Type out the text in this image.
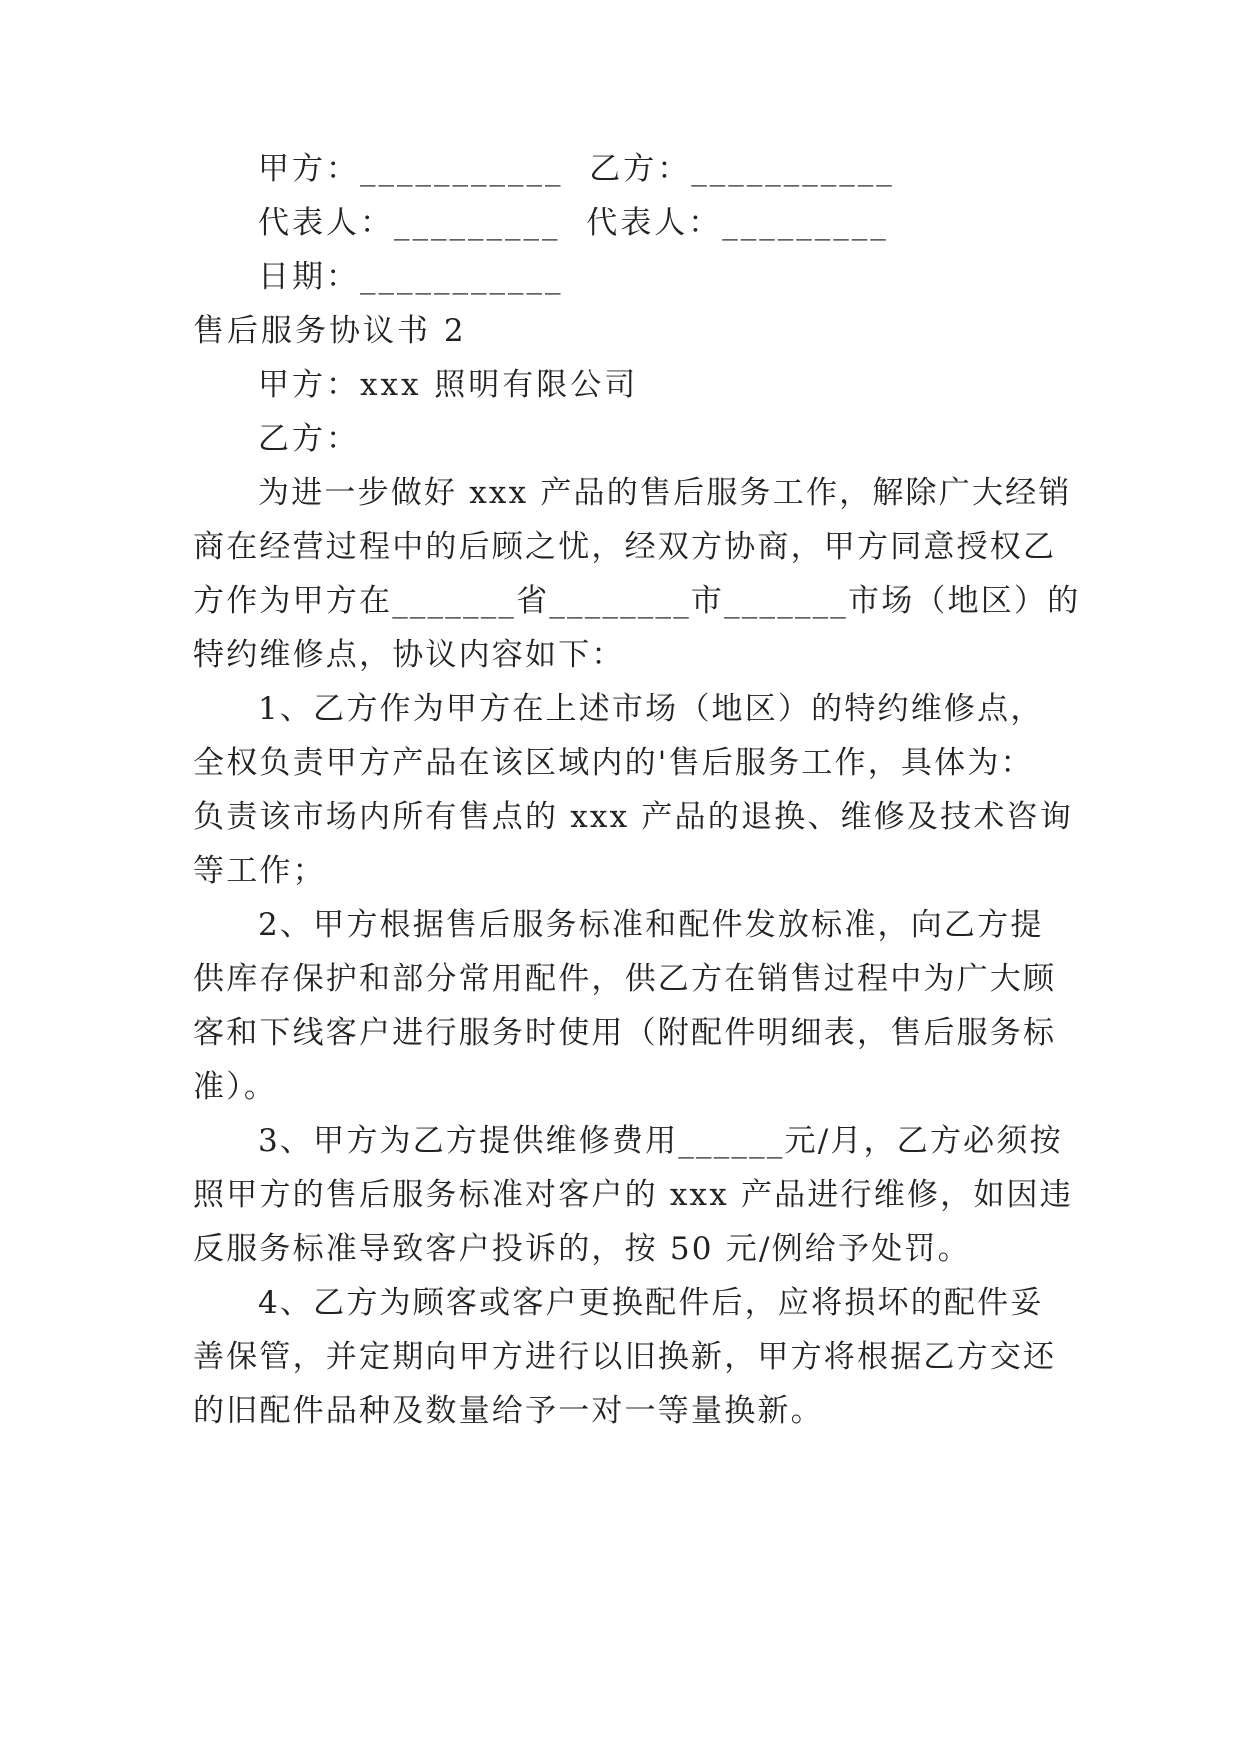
甲方：___________  乙方：___________
代表人：_________  代表人：_________
日期：___________
售后服务协议书 2
甲方：xxx 照明有限公司
乙方：
为进一步做好 xxx 产品的售后服务工作，解除广大经销
商在经营过程中的后顾之忧，经双方协商，甲方同意授权乙
方作为甲方在_______省________市_______市场（地区）的
特约维修点，协议内容如下：
1、乙方作为甲方在上述市场（地区）的特约维修点，
全权负责甲方产品在该区域内的'售后服务工作，具体为：
负责该市场内所有售点的 xxx 产品的退换、维修及技术咨询
等工作；
2、甲方根据售后服务标准和配件发放标准，向乙方提
供库存保护和部分常用配件，供乙方在销售过程中为广大顾
客和下线客户进行服务时使用（附配件明细表，售后服务标
准）。
3、甲方为乙方提供维修费用______元/月，乙方必须按
照甲方的售后服务标准对客户的 xxx 产品进行维修，如因违
反服务标准导致客户投诉的，按 50 元/例给予处罚。
4、乙方为顾客或客户更换配件后，应将损坏的配件妥
善保管，并定期向甲方进行以旧换新，甲方将根据乙方交还
的旧配件品种及数量给予一对一等量换新。
